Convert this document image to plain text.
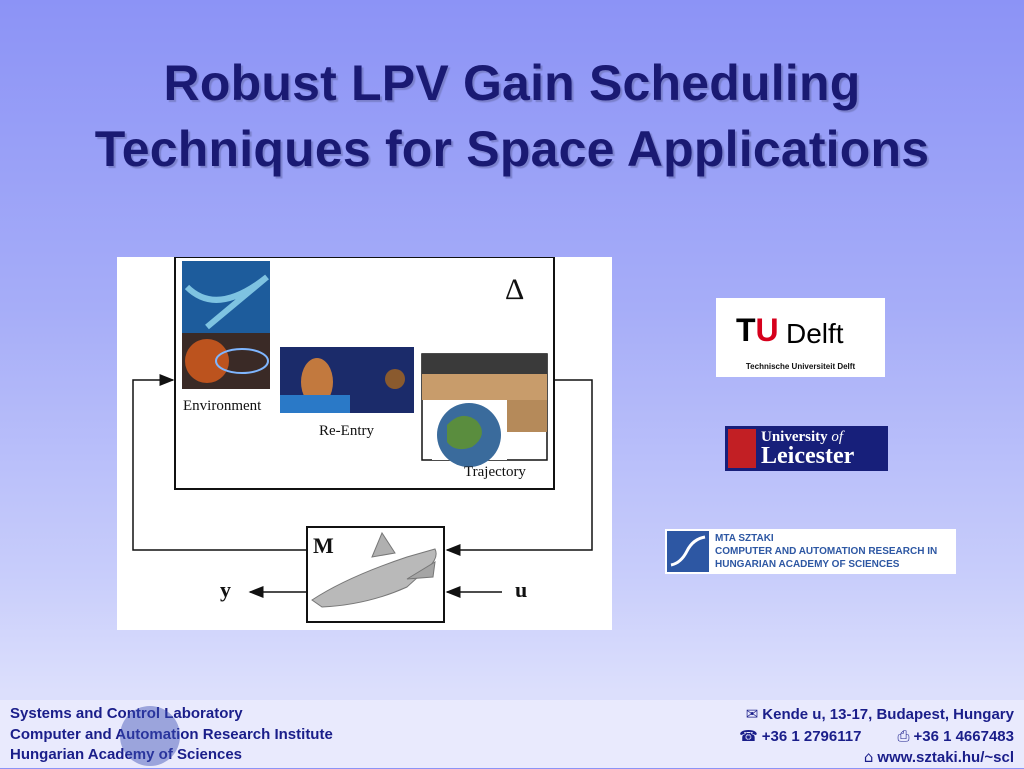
Robust LPV Gain Scheduling
Techniques for Space Applications
Δ
Environment
Re-Entry
Trajectory
M
y	u
TU Delft
Technische Universiteit Delft
University of
Leicester
MTA SZTAKI
COMPUTER AND AUTOMATION RESEARCH IN
HUNGARIAN ACADEMY OF SCIENCES
Systems and Control Laboratory
Computer and Automation Research Institute
Hungarian Academy of Sciences
✉ Kende u, 13-17, Budapest, Hungary
☎ +36 1 2796117 ⎙ +36 1 4667483
⌂ www.sztaki.hu/~scl
